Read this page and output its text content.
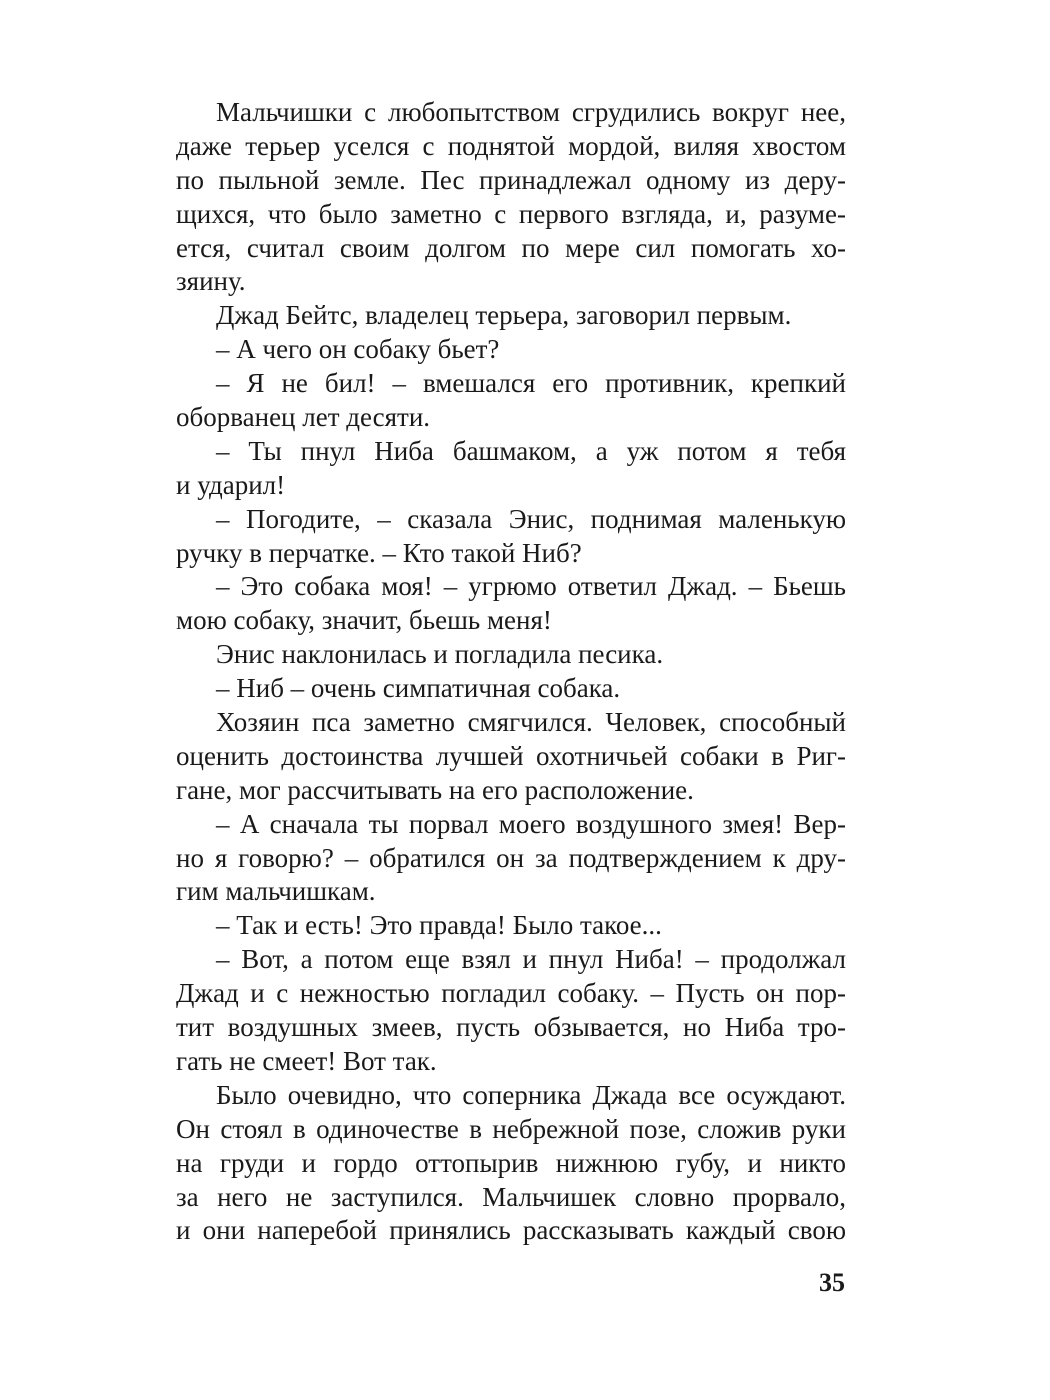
Мальчишки с любопытством сгрудились вокруг нее,
даже терьер уселся с поднятой мордой, виляя хвостом
по пыльной земле. Пес принадлежал одному из деру-
щихся, что было заметно с первого взгляда, и, разуме-
ется, считал своим долгом по мере сил помогать хо-
зяину.
Джад Бейтс, владелец терьера, заговорил первым.
– А чего он собаку бьет?
– Я не бил! – вмешался его противник, крепкий
оборванец лет десяти.
– Ты пнул Ниба башмаком, а уж потом я тебя
и ударил!
– Погодите, – сказала Энис, поднимая маленькую
ручку в перчатке. – Кто такой Ниб?
– Это собака моя! – угрюмо ответил Джад. – Бьешь
мою собаку, значит, бьешь меня!
Энис наклонилась и погладила песика.
– Ниб – очень симпатичная собака.
Хозяин пса заметно смягчился. Человек, способный
оценить достоинства лучшей охотничьей собаки в Риг-
гане, мог рассчитывать на его расположение.
– А сначала ты порвал моего воздушного змея! Вер-
но я говорю? – обратился он за подтверждением к дру-
гим мальчишкам.
– Так и есть! Это правда! Было такое...
– Вот, а потом еще взял и пнул Ниба! – продолжал
Джад и с нежностью погладил собаку. – Пусть он пор-
тит воздушных змеев, пусть обзывается, но Ниба тро-
гать не смеет! Вот так.
Было очевидно, что соперника Джада все осуждают.
Он стоял в одиночестве в небрежной позе, сложив руки
на груди и гордо оттопырив нижнюю губу, и никто
за него не заступился. Мальчишек словно прорвало,
и они наперебой принялись рассказывать каждый свою
35
